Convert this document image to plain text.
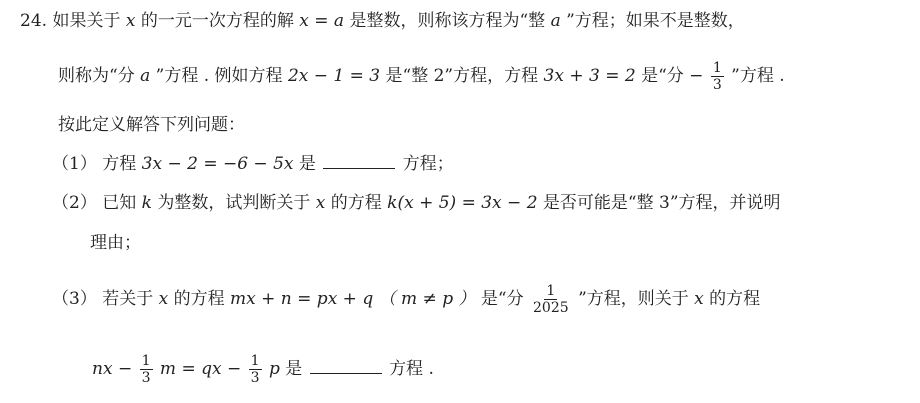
24. 如果关于 x 的一元一次方程的解 x = a 是整数，则称该方程为“整 a ”方程；如果不是整数，
则称为“分 a ”方程 . 例如方程 2x − 1 = 3 是“整 2”方程，方程 3x + 3 = 2 是“分 − $\frac{1}{3}$ ”方程 .
按此定义解答下列问题：
（1） 方程 3x − 2 = −6 − 5x 是	方程；
（2） 已知 k 为整数，试判断关于 x 的方程 k(x + 5) = 3x − 2 是否可能是“整 3”方程，并说明
理由；
（3） 若关于 x 的方程 mx + n = px + q （ m ≠ p ） 是“分 $\frac{1}{2025}$ ”方程，则关于 x 的方程
nx − $\frac{1}{3}$ m = qx − $\frac{1}{3}$ p 是	方程 .
